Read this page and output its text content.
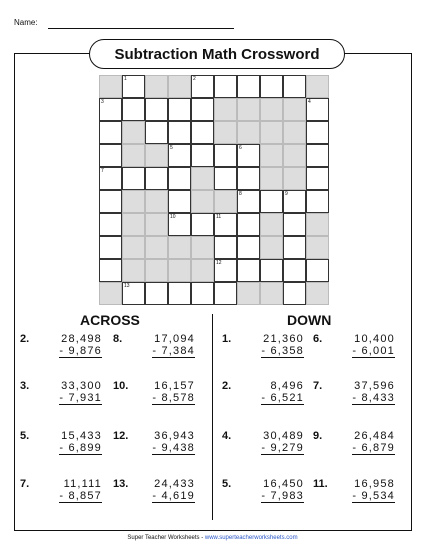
Name:
Subtraction Math Crossword
1	2
3	4
5	6
7
8	9
10	11
12
13
ACROSS	DOWN
2.	28,498
- 9,876
8.	17,094
- 7,384
3.	33,300
- 7,931
10. 16,157
- 8,578
5.	15,433
- 6,899
12. 36,943
- 9,438
7.	11,111
- 8,857
13. 24,433
- 4,619
1.	21,360
- 6,358
6.	10,400
- 6,001
2.	8,496
- 6,521
7.	37,596
- 8,433
4.	30,489
- 9,279
9.	26,484
- 6,879
5.	16,450
- 7,983
11. 16,958
- 9,534
Super Teacher Worksheets - www.superteacherworksheets.com
